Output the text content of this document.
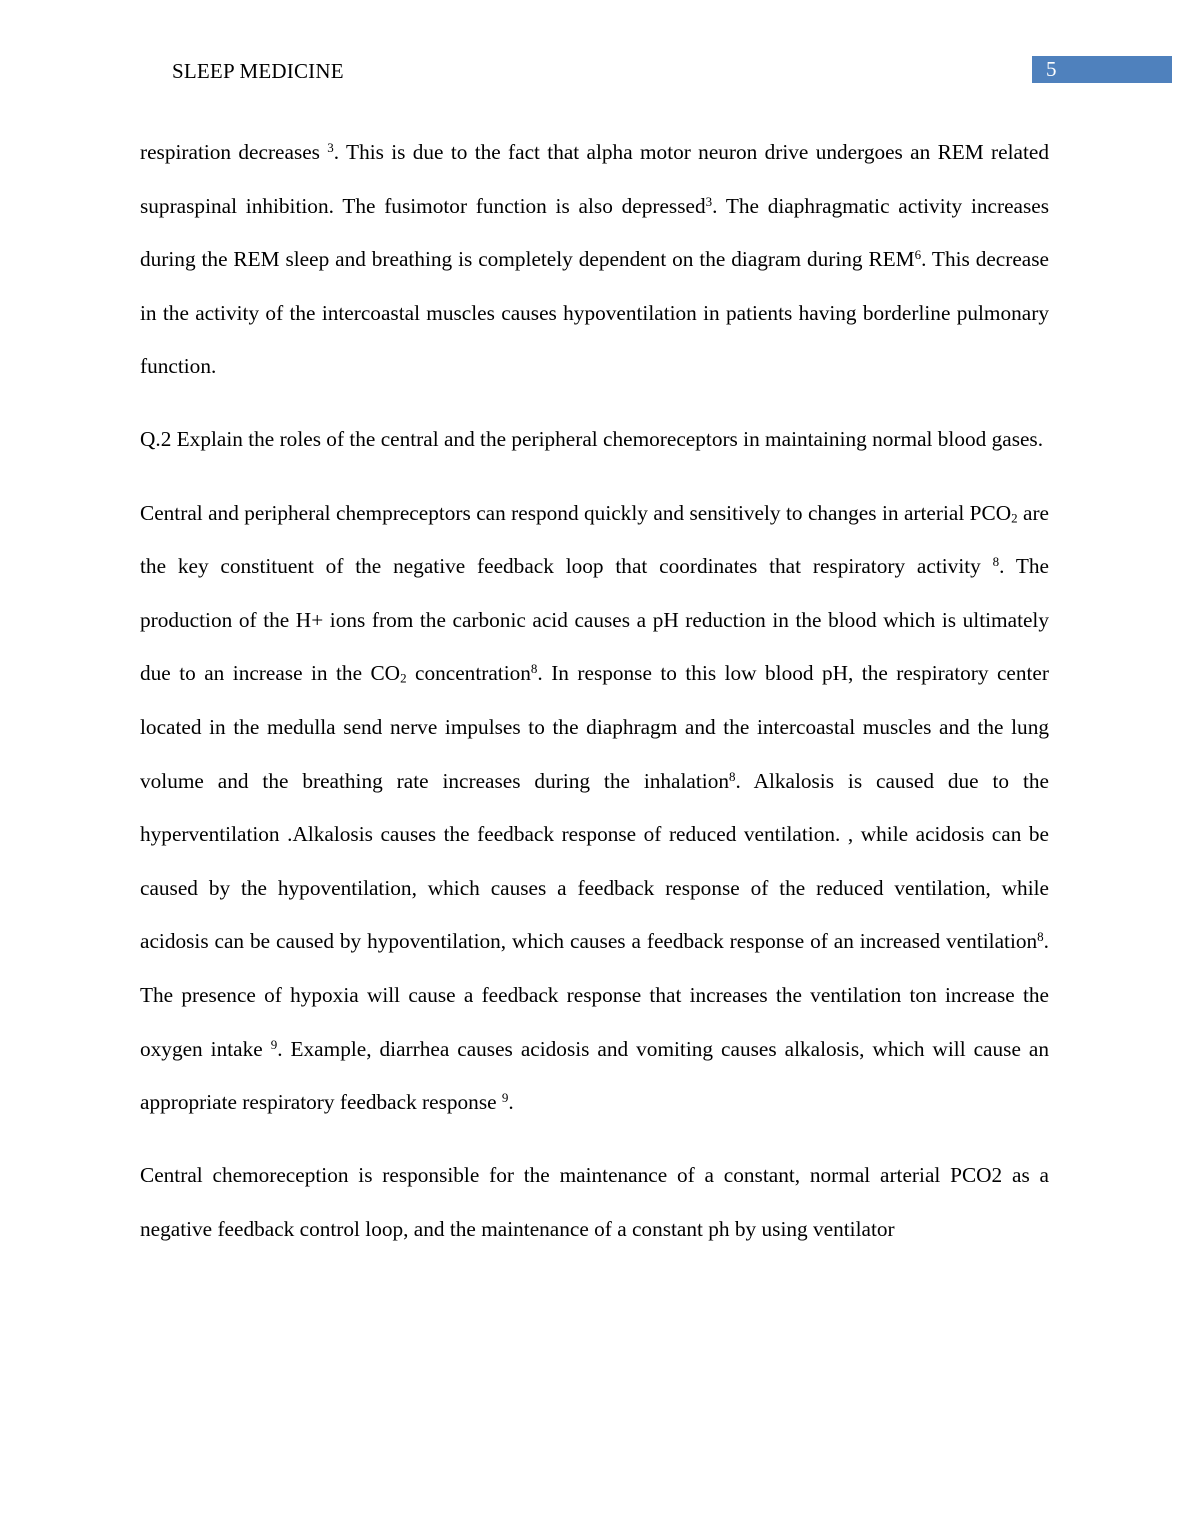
SLEEP MEDICINE	5

respiration decreases $^3$. This is due to the fact that alpha motor neuron drive undergoes an REM related supraspinal inhibition. The fusimotor function is also depressed$^3$. The diaphragmatic activity increases during the REM sleep and breathing is completely dependent on the diagram during REM$^6$. This decrease in the activity of the intercoastal muscles causes hypoventilation in patients having borderline pulmonary function.

Q.2 Explain the roles of the central and the peripheral chemoreceptors in maintaining normal blood gases.

Central and peripheral chempreceptors can respond quickly and sensitively to changes in arterial $PCO_2$ are the key constituent of the negative feedback loop that coordinates that respiratory activity $^8$. The production of the H+ ions from the carbonic acid causes a pH reduction in the blood which is ultimately due to an increase in the $CO_2$ concentration$^8$. In response to this low blood pH, the respiratory center located in the medulla send nerve impulses to the diaphragm and the intercoastal muscles and the lung volume and the breathing rate increases during the inhalation$^8$. Alkalosis is caused due to the hyperventilation .Alkalosis causes the feedback response of reduced ventilation. , while acidosis can be caused by the hypoventilation, which causes a feedback response of the reduced ventilation, while acidosis can be caused by hypoventilation, which causes a feedback response of an increased ventilation$^8$. The presence of hypoxia will cause a feedback response that increases the ventilation ton increase the oxygen intake $^9$. Example, diarrhea causes acidosis and vomiting causes alkalosis, which will cause an appropriate respiratory feedback response $^9$.

Central chemoreception is responsible for the maintenance of a constant, normal arterial PCO2 as a negative feedback control loop, and the maintenance of a constant ph by using ventilator
